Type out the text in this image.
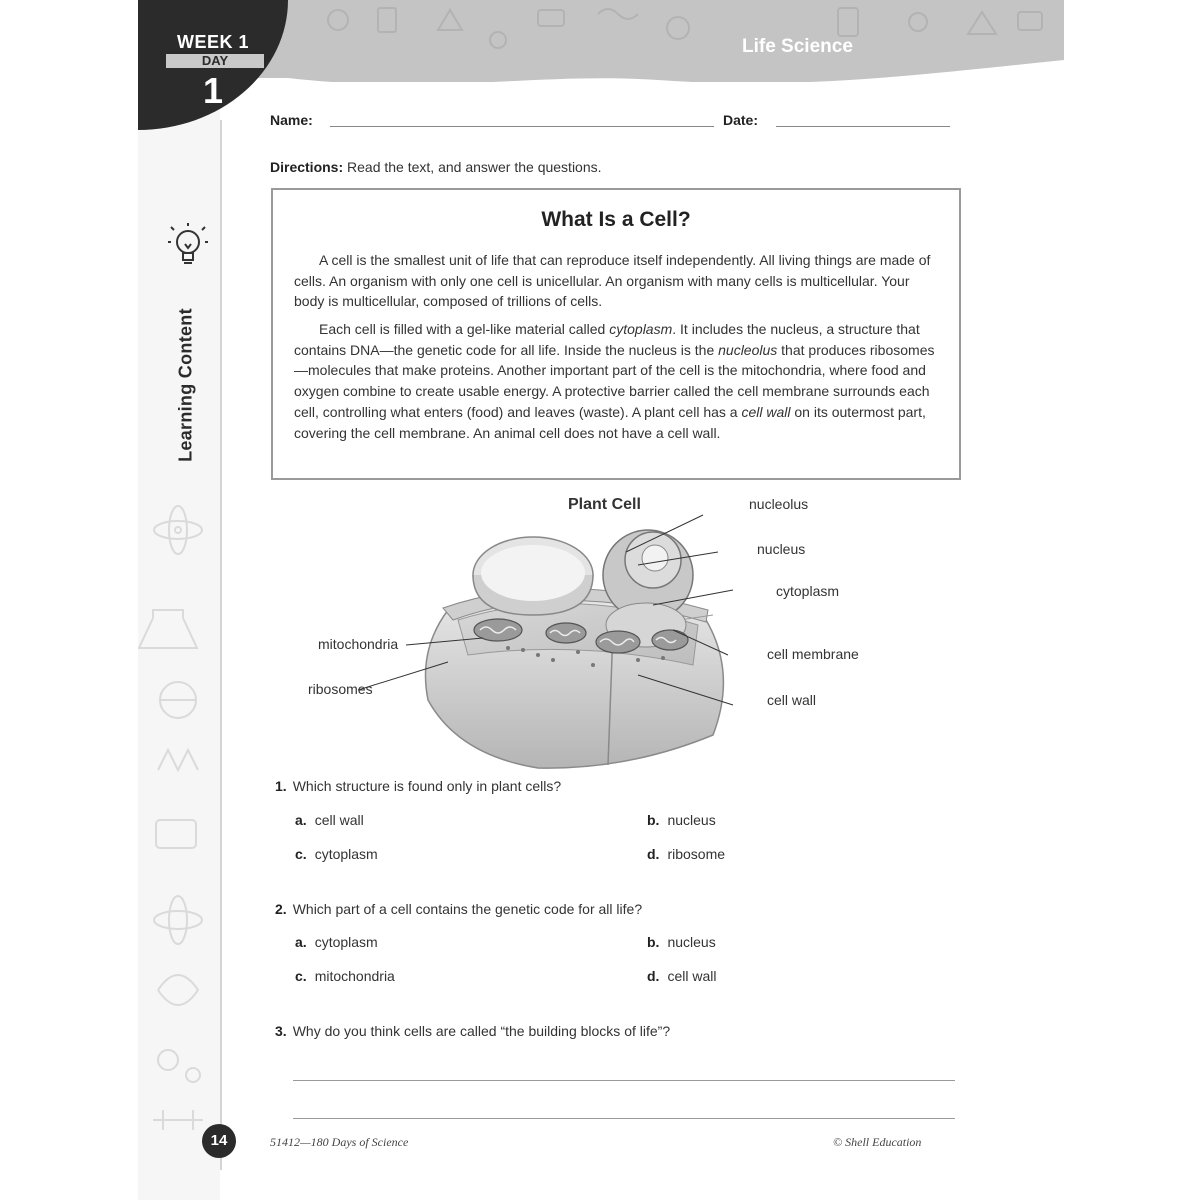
WEEK 1
DAY
1
Life Science
Learning Content
Name:	Date:
Directions: Read the text, and answer the questions.
What Is a Cell?

A cell is the smallest unit of life that can reproduce itself independently. All living things are made of cells. An organism with only one cell is unicellular. An organism with many cells is multicellular. Your body is multicellular, composed of trillions of cells.

Each cell is filled with a gel-like material called cytoplasm. It includes the nucleus, a structure that contains DNA—the genetic code for all life. Inside the nucleus is the nucleolus that produces ribosomes—molecules that make proteins. Another important part of the cell is the mitochondria, where food and oxygen combine to create usable energy. A protective barrier called the cell membrane surrounds each cell, controlling what enters (food) and leaves (waste). A plant cell has a cell wall on its outermost part, covering the cell membrane. An animal cell does not have a cell wall.

Plant Cell	nucleolus
nucleus
cytoplasm
cell membrane
cell wall
mitochondria
ribosomes
1. Which structure is found only in plant cells?
a. cell wall	b. nucleus
c. cytoplasm	d. ribosome
2. Which part of a cell contains the genetic code for all life?
a. cytoplasm	b. nucleus
c. mitochondria	d. cell wall
3. Why do you think cells are called “the building blocks of life”?
14	51412—180 Days of Science	© Shell Education
